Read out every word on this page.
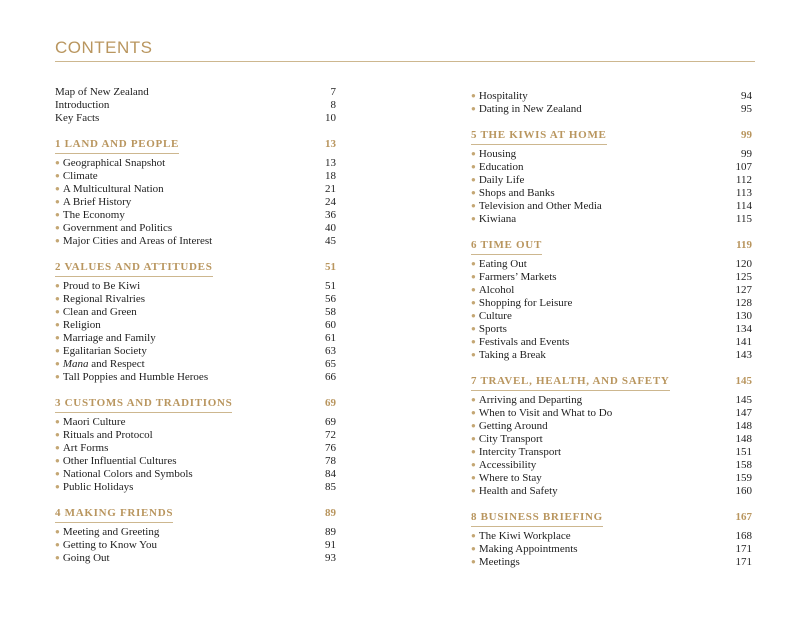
CONTENTS
Map of New Zealand	7
Introduction	8
Key Facts	10
1 LAND AND PEOPLE	13
● Geographical Snapshot	13
● Climate	18
● A Multicultural Nation	21
● A Brief History	24
● The Economy	36
● Government and Politics	40
● Major Cities and Areas of Interest	45
2 VALUES AND ATTITUDES	51
● Proud to Be Kiwi	51
● Regional Rivalries	56
● Clean and Green	58
● Religion	60
● Marriage and Family	61
● Egalitarian Society	63
● Mana and Respect	65
● Tall Poppies and Humble Heroes	66
3 CUSTOMS AND TRADITIONS	69
● Maori Culture	69
● Rituals and Protocol	72
● Art Forms	76
● Other Influential Cultures	78
● National Colors and Symbols	84
● Public Holidays	85
4 MAKING FRIENDS	89
● Meeting and Greeting	89
● Getting to Know You	91
● Going Out	93
● Hospitality	94
● Dating in New Zealand	95
5 THE KIWIS AT HOME	99
● Housing	99
● Education	107
● Daily Life	112
● Shops and Banks	113
● Television and Other Media	114
● Kiwiana	115
6 TIME OUT	119
● Eating Out	120
● Farmers’ Markets	125
● Alcohol	127
● Shopping for Leisure	128
● Culture	130
● Sports	134
● Festivals and Events	141
● Taking a Break	143
7 TRAVEL, HEALTH, AND SAFETY	145
● Arriving and Departing	145
● When to Visit and What to Do	147
● Getting Around	148
● City Transport	148
● Intercity Transport	151
● Accessibility	158
● Where to Stay	159
● Health and Safety	160
8 BUSINESS BRIEFING	167
● The Kiwi Workplace	168
● Making Appointments	171
● Meetings	171
